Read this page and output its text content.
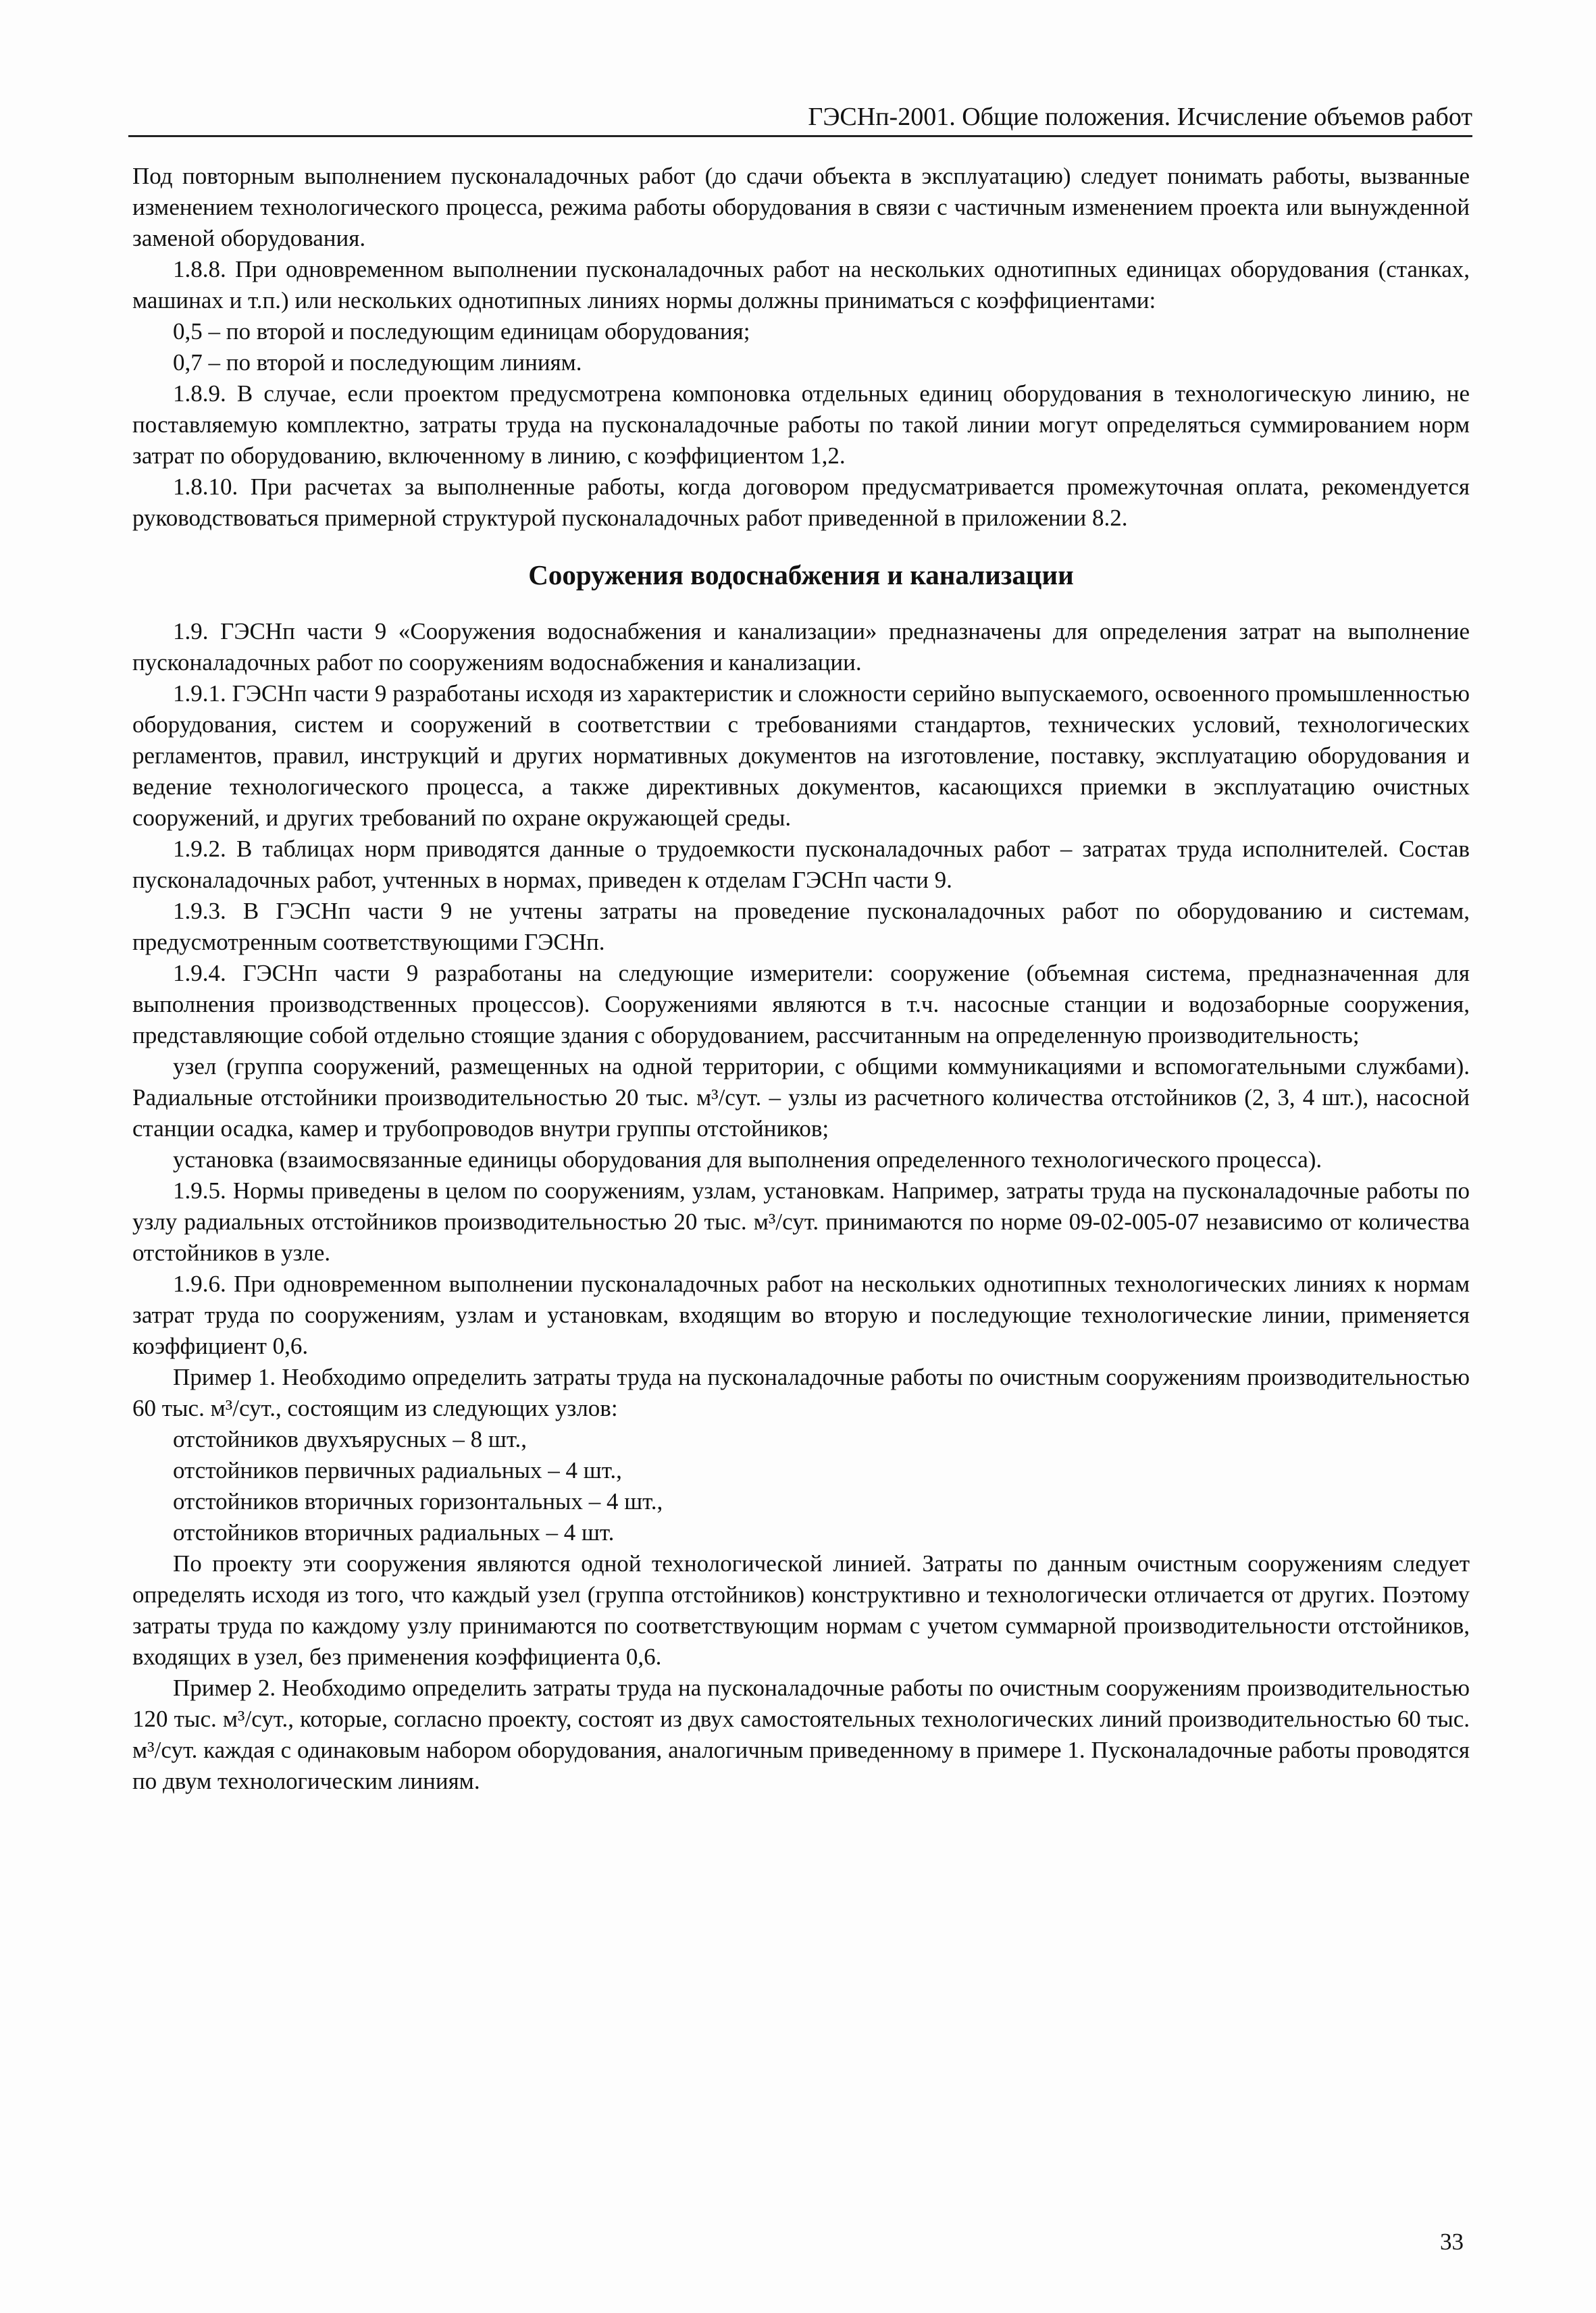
ГЭСНп-2001. Общие положения. Исчисление объемов работ

Под повторным выполнением пусконаладочных работ (до сдачи объекта в эксплуатацию) следует понимать работы, вызванные изменением технологического процесса, режима работы оборудования в связи с частичным изменением проекта или вынужденной заменой оборудования.

1.8.8. При одновременном выполнении пусконаладочных работ на нескольких однотипных единицах оборудования (станках, машинах и т.п.) или нескольких однотипных линиях нормы должны приниматься с коэффициентами:

0,5 – по второй и последующим единицам оборудования;

0,7 – по второй и последующим линиям.

1.8.9. В случае, если проектом предусмотрена компоновка отдельных единиц оборудования в технологическую линию, не поставляемую комплектно, затраты труда на пусконаладочные работы по такой линии могут определяться суммированием норм затрат по оборудованию, включенному в линию, с коэффициентом 1,2.

1.8.10. При расчетах за выполненные работы, когда договором предусматривается промежуточная оплата, рекомендуется руководствоваться примерной структурой пусконаладочных работ приведенной в приложении 8.2.

Сооружения водоснабжения и канализации

1.9. ГЭСНп части 9 «Сооружения водоснабжения и канализации» предназначены для определения затрат на выполнение пусконаладочных работ по сооружениям водоснабжения и канализации.

1.9.1. ГЭСНп части 9 разработаны исходя из характеристик и сложности серийно выпускаемого, освоенного промышленностью оборудования, систем и сооружений в соответствии с требованиями стандартов, технических условий, технологических регламентов, правил, инструкций и других нормативных документов на изготовление, поставку, эксплуатацию оборудования и ведение технологического процесса, а также директивных документов, касающихся приемки в эксплуатацию очистных сооружений, и других требований по охране окружающей среды.

1.9.2. В таблицах норм приводятся данные о трудоемкости пусконаладочных работ – затратах труда исполнителей. Состав пусконаладочных работ, учтенных в нормах, приведен к отделам ГЭСНп части 9.

1.9.3. В ГЭСНп части 9 не учтены затраты на проведение пусконаладочных работ по оборудованию и системам, предусмотренным соответствующими ГЭСНп.

1.9.4. ГЭСНп части 9 разработаны на следующие измерители: сооружение (объемная система, предназначенная для выполнения производственных процессов). Сооружениями являются в т.ч. насосные станции и водозаборные сооружения, представляющие собой отдельно стоящие здания с оборудованием, рассчитанным на определенную производительность;

узел (группа сооружений, размещенных на одной территории, с общими коммуникациями и вспомогательными службами). Радиальные отстойники производительностью 20 тыс. м³/сут. – узлы из расчетного количества отстойников (2, 3, 4 шт.), насосной станции осадка, камер и трубопроводов внутри группы отстойников;

установка (взаимосвязанные единицы оборудования для выполнения определенного технологического процесса).

1.9.5. Нормы приведены в целом по сооружениям, узлам, установкам. Например, затраты труда на пусконаладочные работы по узлу радиальных отстойников производительностью 20 тыс. м³/сут. принимаются по норме 09-02-005-07 независимо от количества отстойников в узле.

1.9.6. При одновременном выполнении пусконаладочных работ на нескольких однотипных технологических линиях к нормам затрат труда по сооружениям, узлам и установкам, входящим во вторую и последующие технологические линии, применяется коэффициент 0,6.

Пример 1. Необходимо определить затраты труда на пусконаладочные работы по очистным сооружениям производительностью 60 тыс. м³/сут., состоящим из следующих узлов:

отстойников двухъярусных – 8 шт.,

отстойников первичных радиальных – 4 шт.,

отстойников вторичных горизонтальных – 4 шт.,

отстойников вторичных радиальных – 4 шт.

По проекту эти сооружения являются одной технологической линией. Затраты по данным очистным сооружениям следует определять исходя из того, что каждый узел (группа отстойников) конструктивно и технологически отличается от других. Поэтому затраты труда по каждому узлу принимаются по соответствующим нормам с учетом суммарной производительности отстойников, входящих в узел, без применения коэффициента 0,6.

Пример 2. Необходимо определить затраты труда на пусконаладочные работы по очистным сооружениям производительностью 120 тыс. м³/сут., которые, согласно проекту, состоят из двух самостоятельных технологических линий производительностью 60 тыс. м³/сут. каждая с одинаковым набором оборудования, аналогичным приведенному в примере 1. Пусконаладочные работы проводятся по двум технологическим линиям.

33
